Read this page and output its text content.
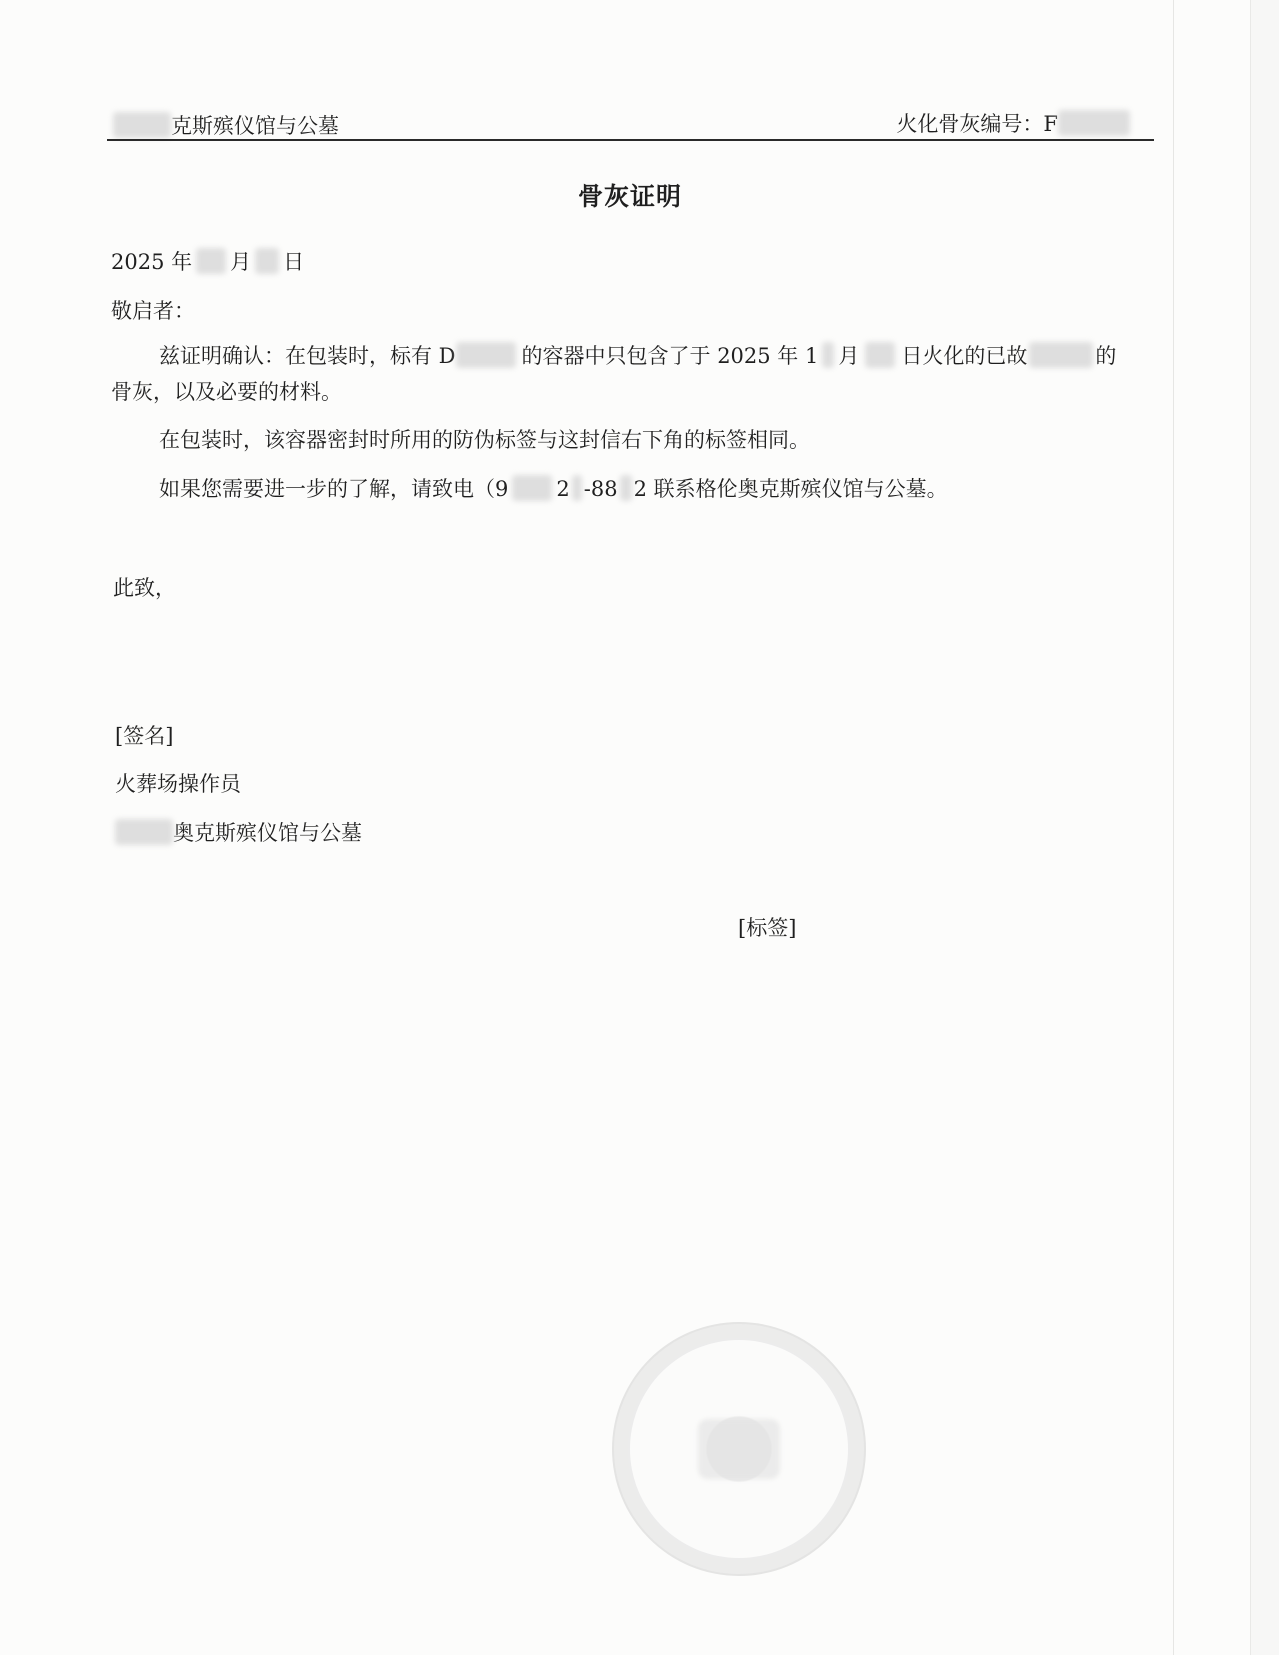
克斯殡仪馆与公墓	火化骨灰编号：F
骨灰证明
2025 年 月 日
敬启者：
兹证明确认：在包装时，标有 D	的容器中只包含了于 2025 年 1 月 日火化的已故	的
骨灰，以及必要的材料。
在包装时，该容器密封时所用的防伪标签与这封信右下角的标签相同。
如果您需要进一步的了解，请致电（9 2 -88 2 联系格伦奥克斯殡仪馆与公墓。
此致，
[签名]
火葬场操作员
奥克斯殡仪馆与公墓
[标签]
